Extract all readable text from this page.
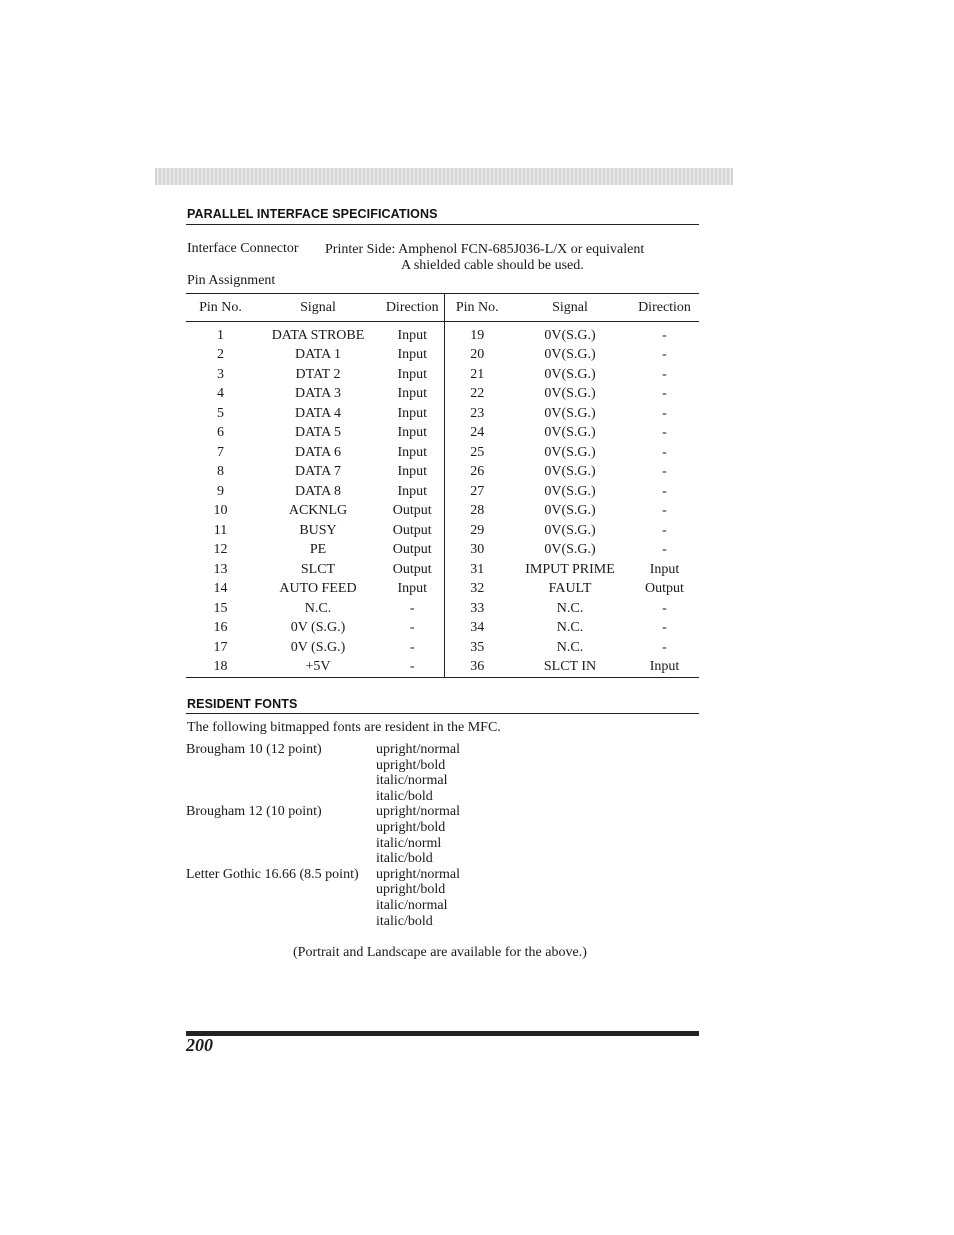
PARALLEL INTERFACE SPECIFICATIONS
Interface Connector Printer Side: Amphenol FCN-685J036-L/X or equivalent
A shielded cable should be used.
Pin Assignment
Pin No.	Signal	Direction	Pin No.	Signal	Direction
1	DATA STROBE	Input	19	0V(S.G.)	-
2	DATA 1	Input	20	0V(S.G.)	-
3	DTAT 2	Input	21	0V(S.G.)	-
4	DATA 3	Input	22	0V(S.G.)	-
5	DATA 4	Input	23	0V(S.G.)	-
6	DATA 5	Input	24	0V(S.G.)	-
7	DATA 6	Input	25	0V(S.G.)	-
8	DATA 7	Input	26	0V(S.G.)	-
9	DATA 8	Input	27	0V(S.G.)	-
10	ACKNLG	Output	28	0V(S.G.)	-
11	BUSY	Output	29	0V(S.G.)	-
12	PE	Output	30	0V(S.G.)	-
13	SLCT	Output	31	IMPUT PRIME	Input
14	AUTO FEED	Input	32	FAULT	Output
15	N.C.	-	33	N.C.	-
16	0V (S.G.)	-	34	N.C.	-
17	0V (S.G.)	-	35	N.C.	-
18	+5V	-	36	SLCT IN	Input
RESIDENT FONTS
The following bitmapped fonts are resident in the MFC.
Brougham 10 (12 point)	upright/normal
upright/bold
italic/normal
italic/bold
Brougham 12 (10 point)	upright/normal
upright/bold
italic/norml
italic/bold
Letter Gothic 16.66 (8.5 point)	upright/normal
upright/bold
italic/normal
italic/bold
(Portrait and Landscape are available for the above.)
200
